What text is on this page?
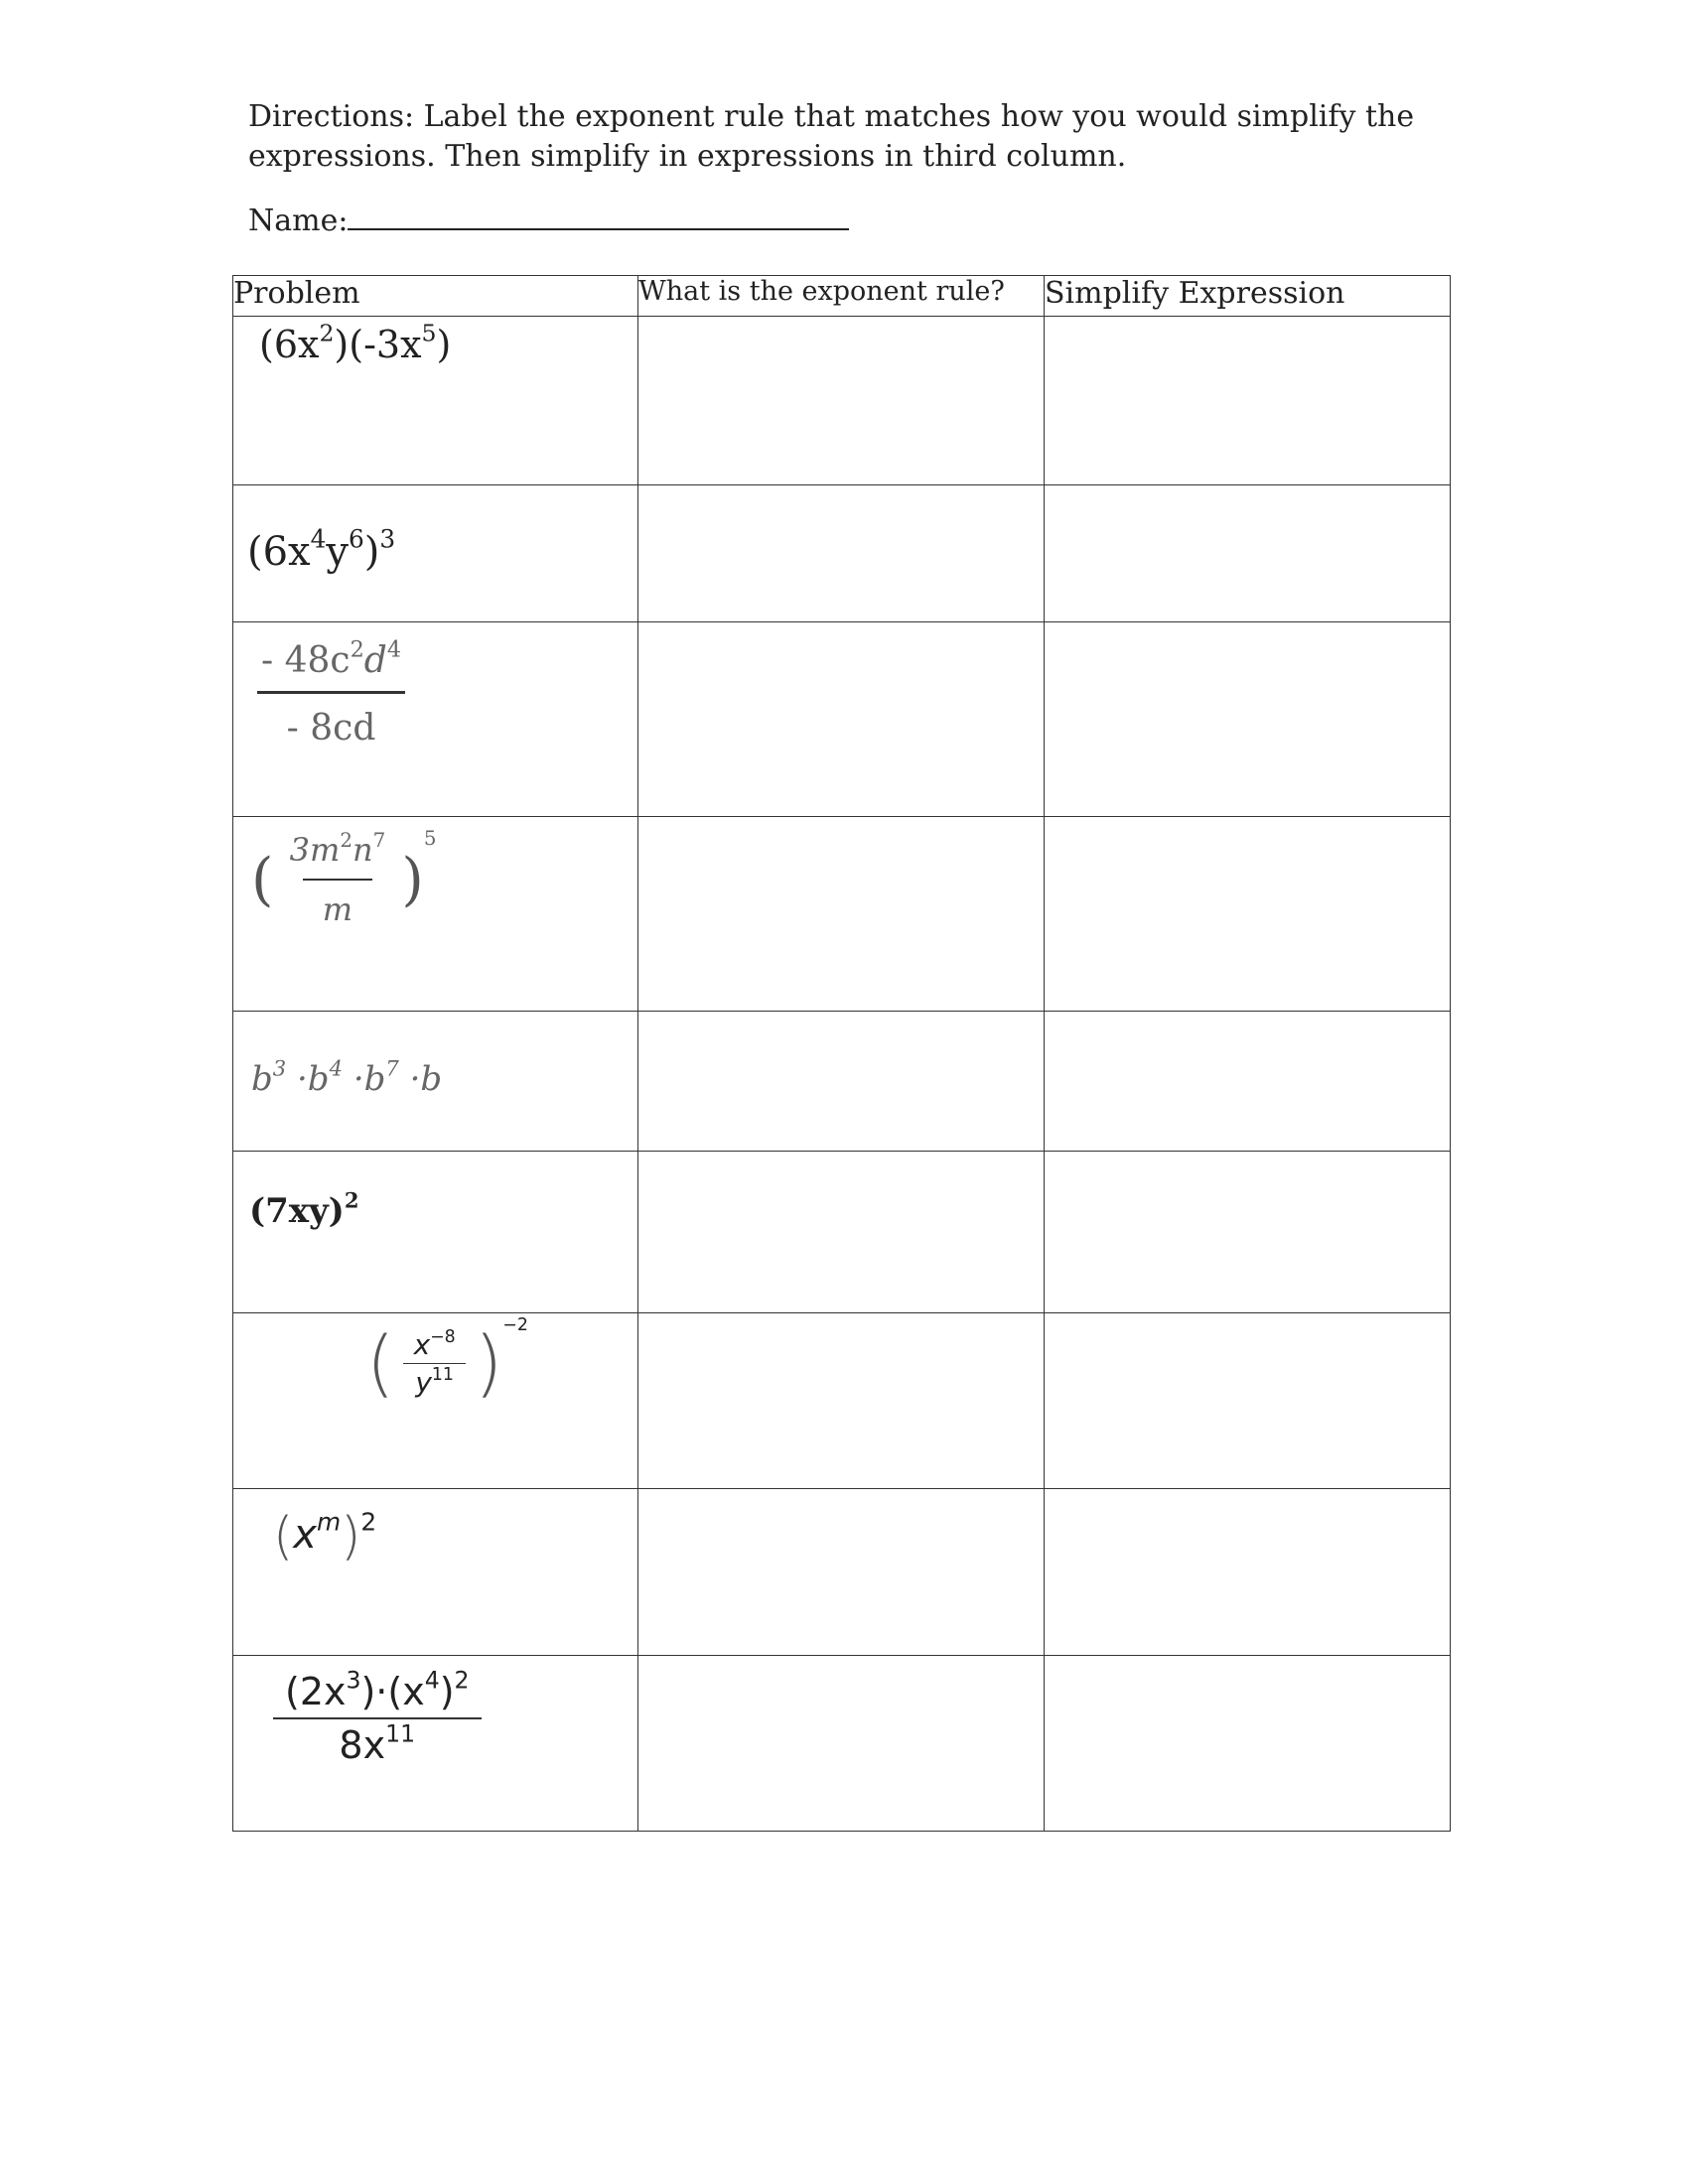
Directions: Label the exponent rule that matches how you would simplify the expressions. Then simplify in expressions in third column.
Name:
Problem	What is the exponent rule?	Simplify Expression

$(6x^2)(-3x^5)$		

$(6x^4y^6)^3$

$\frac{- 48c^2d^4}{- 8cd}$

( $\frac{3m^2n^7}{m} )^5$

$b^3 \cdot b^4 \cdot b^7 \cdot b$		

$(7xy)^2$

( $\frac{x^{-8}}{y^{11}} )^{-2}$

$(x^m)^2$

$\frac{(2x^3)\cdot(x^4)^2}{8x^{11}}$
